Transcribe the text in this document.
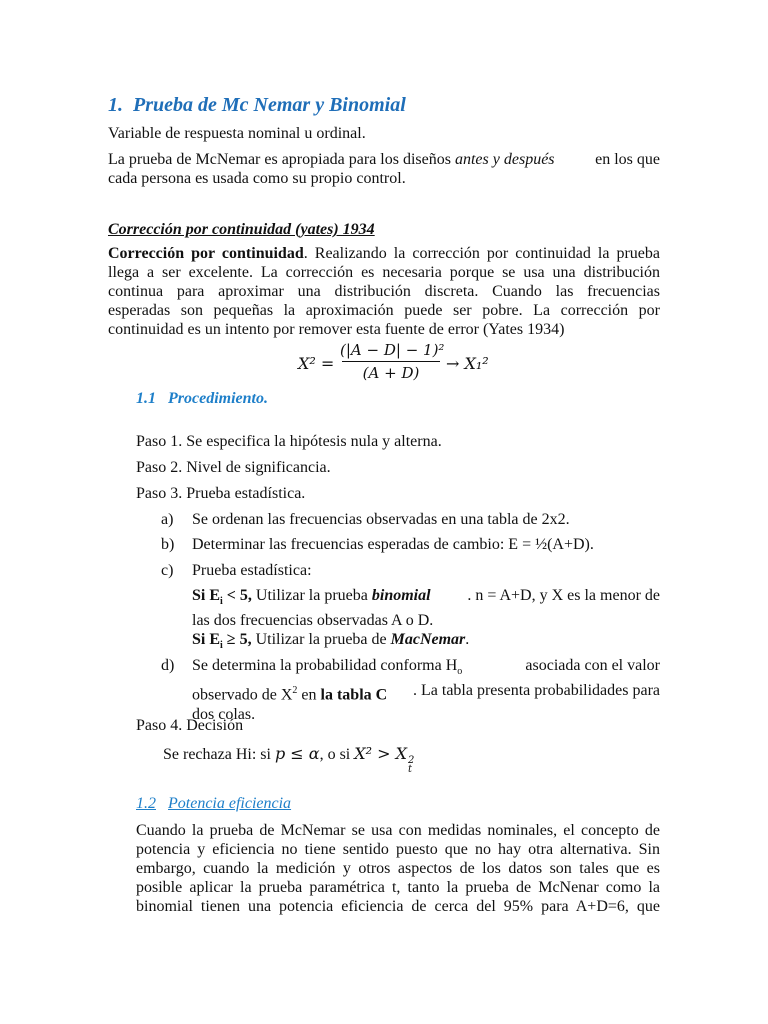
1. Prueba de Mc Nemar y Binomial
Variable de respuesta nominal u ordinal.
La prueba de McNemar es apropiada para los diseños antes y después	en los que
cada persona es usada como su propio control.
Corrección por continuidad (yates) 1934
Corrección por continuidad. Realizando la corrección por continuidad la prueba
llega a ser excelente. La corrección es necesaria porque se usa una distribución
continua para aproximar una distribución discreta. Cuando las frecuencias
esperadas son pequeñas la aproximación puede ser pobre. La corrección por
continuidad es un intento por remover esta fuente de error (Yates 1934)
X² =
(|A − D| − 1)²
(A + D)	→ X₁²
1.1 Procedimiento.
Paso 1. Se especifica la hipótesis nula y alterna.
Paso 2. Nivel de significancia.
Paso 3. Prueba estadística.
a) Se ordenan las frecuencias observadas en una tabla de 2x2.
b) Determinar las frecuencias esperadas de cambio: E = ½(A+D).
c) Prueba estadística:
Si $E_i < 5$, Utilizar la prueba binomial . n = A+D, y X es la menor de
las dos frecuencias observadas A o D.
Si $E_i \ge 5$, Utilizar la prueba de MacNemar.
d) Se determina la probabilidad conforma $H_o$	asociada con el valor
observado de $X^2$ en la tabla C . La tabla presenta probabilidades para
dos colas.
Paso 4. Decisión
Se rechaza Hi: si p ≤ α, o si X² > X 2
t
1.2 Potencia eficiencia
Cuando la prueba de McNemar se usa con medidas nominales, el concepto de
potencia y eficiencia no tiene sentido puesto que no hay otra alternativa. Sin
embargo, cuando la medición y otros aspectos de los datos son tales que es
posible aplicar la prueba paramétrica t, tanto la prueba de McNenar como la
binomial tienen una potencia eficiencia de cerca del 95% para A+D=6, que
